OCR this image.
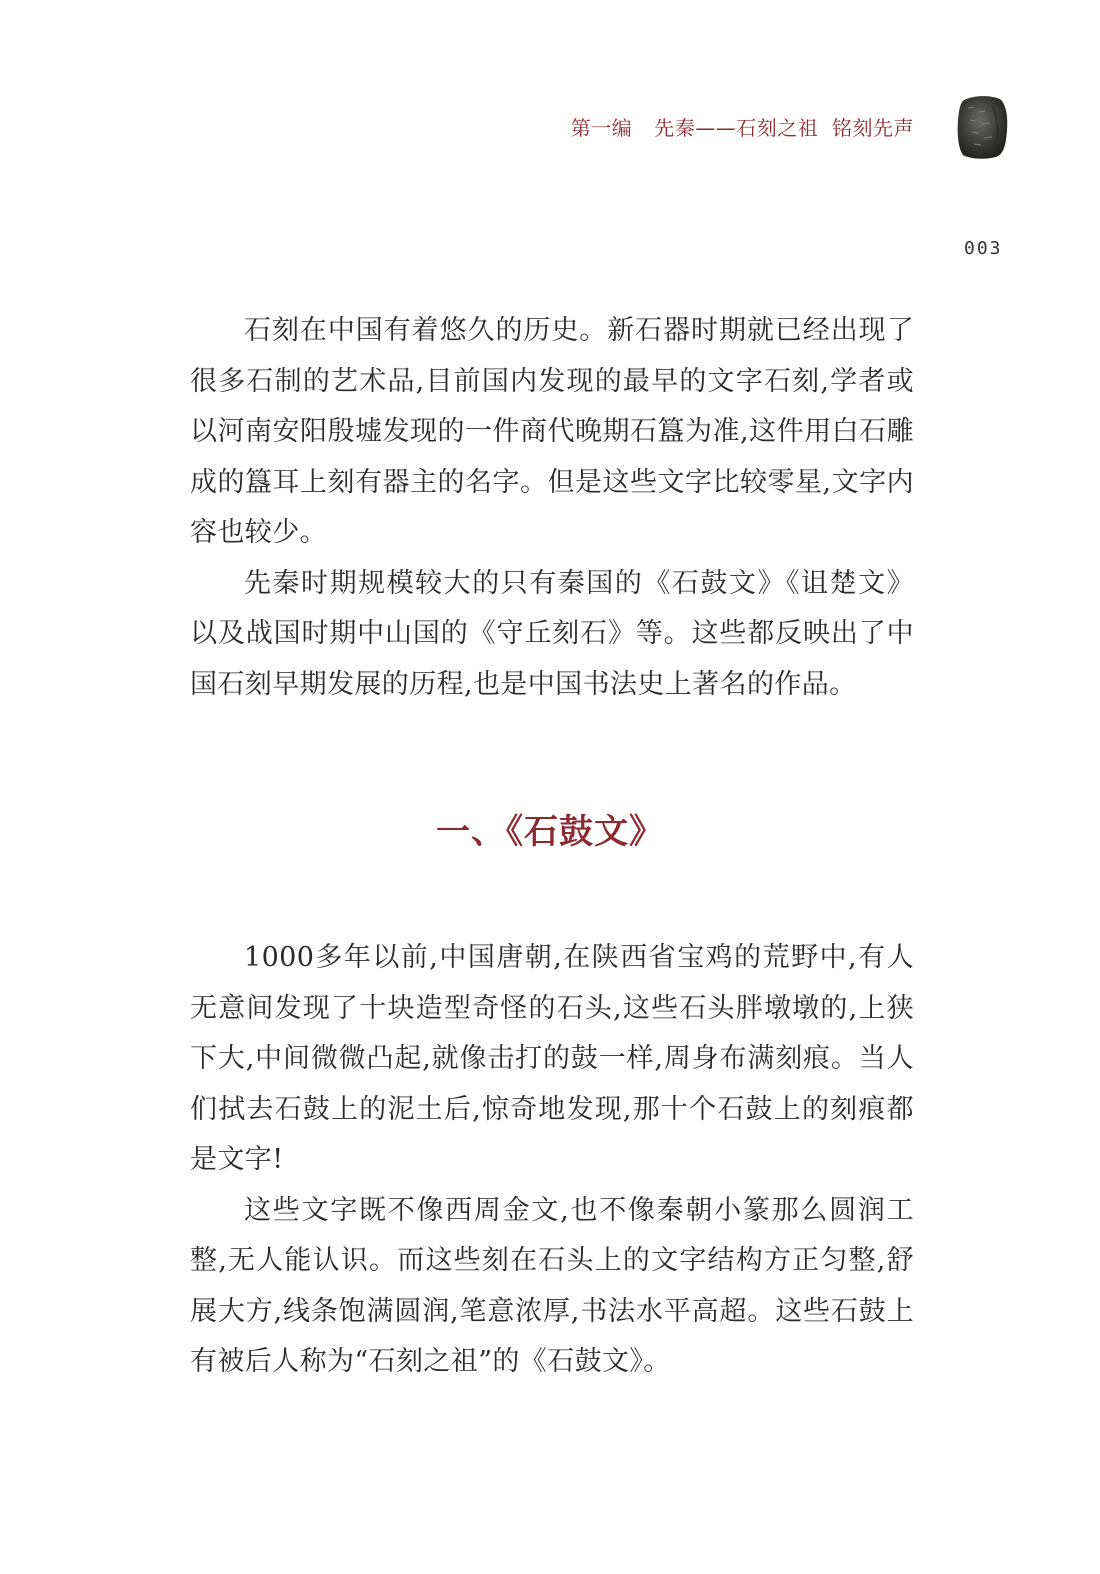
第一编 先秦——石刻之祖  铭刻先声
003

石刻在中国有着悠久的历史。新石器时期就已经出现了很多石制的艺术品,目前国内发现的最早的文字石刻,学者或以河南安阳殷墟发现的一件商代晚期石簋为准,这件用白石雕成的簋耳上刻有器主的名字。但是这些文字比较零星,文字内容也较少。

先秦时期规模较大的只有秦国的《石鼓文》《诅楚文》以及战国时期中山国的《守丘刻石》等。这些都反映出了中国石刻早期发展的历程,也是中国书法史上著名的作品。

一、《石鼓文》

1000多年以前,中国唐朝,在陕西省宝鸡的荒野中,有人无意间发现了十块造型奇怪的石头,这些石头胖墩墩的,上狭下大,中间微微凸起,就像击打的鼓一样,周身布满刻痕。当人们拭去石鼓上的泥土后,惊奇地发现,那十个石鼓上的刻痕都是文字!

这些文字既不像西周金文,也不像秦朝小篆那么圆润工整,无人能认识。而这些刻在石头上的文字结构方正匀整,舒展大方,线条饱满圆润,笔意浓厚,书法水平高超。这些石鼓上有被后人称为“石刻之祖”的《石鼓文》。
